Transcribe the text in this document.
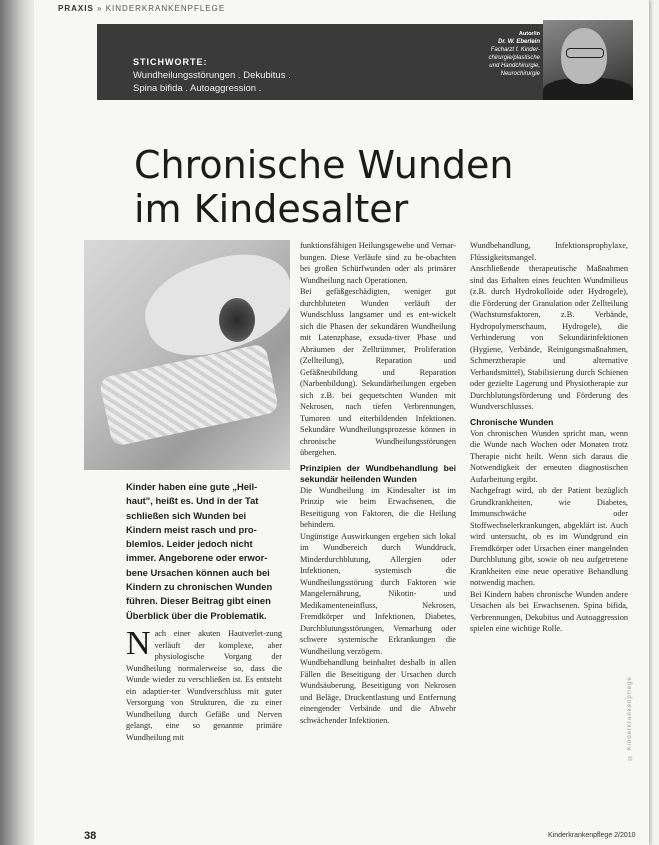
PRAXIS » KINDERKRANKENPFLEGE
STICHWORTE:
Wundheilungsstörungen . Dekubitus .
Spina bifida . Autoaggression .
Autor/in
Dr. W. Eberlein
Facharzt f. Kinder-
chirurgie/plastische
und Handchirurgie,
Neurochirurgie
Chronische Wunden
im Kindesalter
Kinder haben eine gute „Heil-haut", heißt es. Und in der Tat schließen sich Wunden bei Kindern meist rasch und pro-blemlos. Leider jedoch nicht immer. Angeborene oder erwor-bene Ursachen können auch bei Kindern zu chronischen Wunden führen. Dieser Beitrag gibt einen Überblick über die Problematik.

Nach einer akuten Hautverlet-zung verläuft der komplexe, aber physiologische Vorgang der Wundheilung normalerweise so, dass die Wunde wieder zu verschließen ist. Es entsteht ein adaptier-ter Wundverschluss mit guter Versorgung von Strukturen, die zu einer Wundheilung durch Gefäße und Nerven gelangt, eine so genannte primäre Wundheilung mit

funktionsfähigen Heilungsgewebe und Vernar-bungen. Diese Verläufe sind zu be-obachten bei großen Schürfwunden oder als primärer Wundheilung nach Operationen.

Bei gefäßgeschädigten, weniger gut durchbluteten Wunden verläuft der Wundschluss langsamer und es ent-wickelt sich die Phasen der sekundären Wundheilung mit Latenzphase, exsuda-tiver Phase und Abräumen der Zelltrümmer, Proliferation (Zellteilung), Reparation und Gefäßneubildung und Reparation (Narbenbildung). Sekundärheilungen ergeben sich z.B. bei gequetschten Wunden mit Nekrosen, nach tiefen Verbrennungen, Tumoren und eiterbildenden Infektionen. Sekundäre Wundheilungsprozesse können in chronische Wundheilungsstörungen übergehen.

Prinzipien der Wundbehandlung bei sekundär heilenden Wunden

Die Wundheilung im Kindesalter ist im Prinzip wie beim Erwachsenen, die Beseitigung von Faktoren, die die Heilung behindern.

Ungünstige Auswirkungen ergeben sich lokal im Wundbereich durch Wunddruck, Minderdurchblutung, Allergien oder Infektionen, systemisch die Wundheilungsstörung durch Faktoren wie Mangelernährung, Nikotin- und Medikamenteneinfluss, Nekrosen, Fremdkörper und Infektionen, Diabetes, Durchblutungsstörungen, Vernarbung oder schwere systemische Erkrankungen die Wundheilung verzögern.

Wundbehandlung beinhaltet deshalb in allen Fällen die Beseitigung der Ursachen durch Wundsäuberung, Beseitigung von Nekrosen und Beläge, Druckentlastung und Entfernung einengender Verbände und die Abwehr schwächender Infektionen.

Wundbehandlung, Infektionsprophylaxe, Flüssigkeitsmangel.

Anschließende therapeutische Maßnahmen sind das Erhalten eines feuchten Wundmilieus (z.B. durch Hydrokolloide oder Hydrogele), die Förderung der Granulation oder Zellteilung (Wachstumsfaktoren, z.B. Verbände, Hydropolymerschaum, Hydrogele), die Verhinderung von Sekundärinfektionen (Hygiene, Verbände, Reinigungsmaßnahmen, Schmerztherapie und alternative Verbandsmittel), Stabilisierung durch Schienen oder gezielte Lagerung und Physiotherapie zur Durchblutungsförderung und Förderung des Wundverschlusses.

Chronische Wunden

Von chronischen Wunden spricht man, wenn die Wunde nach Wochen oder Monaten trotz Therapie nicht heilt. Wenn sich daraus die Notwendigkeit der erneuten diagnostischen Aufarbeitung ergibt.

Nachgefragt wird, ob der Patient bezüglich Grundkrankheiten, wie Diabetes, Immunschwäche oder Stoffwechselerkrankungen, abgeklärt ist. Auch wird untersucht, ob es im Wundgrund ein Fremdkörper oder Ursachen einer mangelnden Durchblutung gibt, sowie ob neu aufgetretene Krankheiten eine neue operative Behandlung notwendig machen.

Bei Kindern haben chronische Wunden andere Ursachen als bei Erwachsenen. Spina bifida, Verbrennungen, Dekubitus und Autoaggression spielen eine wichtige Rolle.

© Kinderkrankenpflege
38	Kinderkrankenpflege 2/2010
